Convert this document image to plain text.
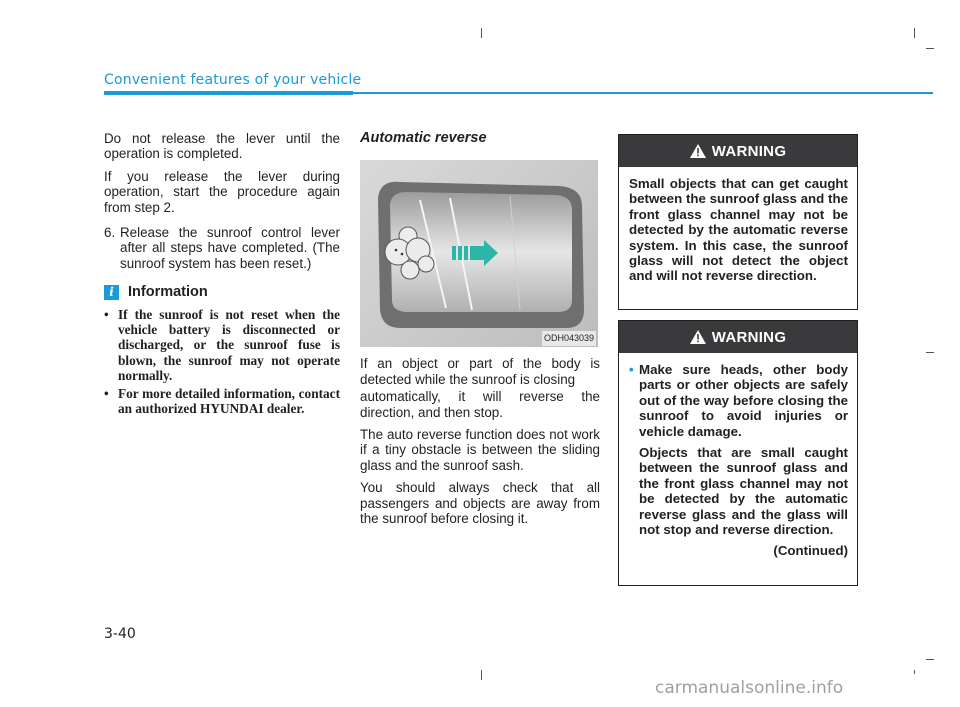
Convenient features of your vehicle

Do not release the lever until the operation is completed.

If you release the lever during operation, start the procedure again from step 2.

6. Release the sunroof control lever after all steps have completed. (The sunroof system has been reset.)
i Information
• If the sunroof is not reset when the vehicle battery is disconnected or discharged, or the sunroof fuse is blown, the sunroof may not operate normally.
• For more detailed information, contact an authorized HYUNDAI dealer.
Automatic reverse
ODH043039

If an object or part of the body is detected while the sunroof is closing

automatically, it will reverse the direction, and then stop.

The auto reverse function does not work if a tiny obstacle is between the sliding glass and the sunroof sash.

You should always check that all passengers and objects are away from the sunroof before closing it.

WARNING
Small objects that can get caught between the sunroof glass and the front glass channel may not be detected by the automatic reverse system. In this case, the sunroof glass will not detect the object and will not reverse direction.
WARNING
• Make sure heads, other body parts or other objects are safely out of the way before closing the sunroof to avoid injuries or vehicle damage.
Objects that are small caught between the sunroof glass and the front glass channel may not be detected by the automatic reverse glass and the glass will not stop and reverse direction.
(Continued)
3-40
carmanualsonline.info
